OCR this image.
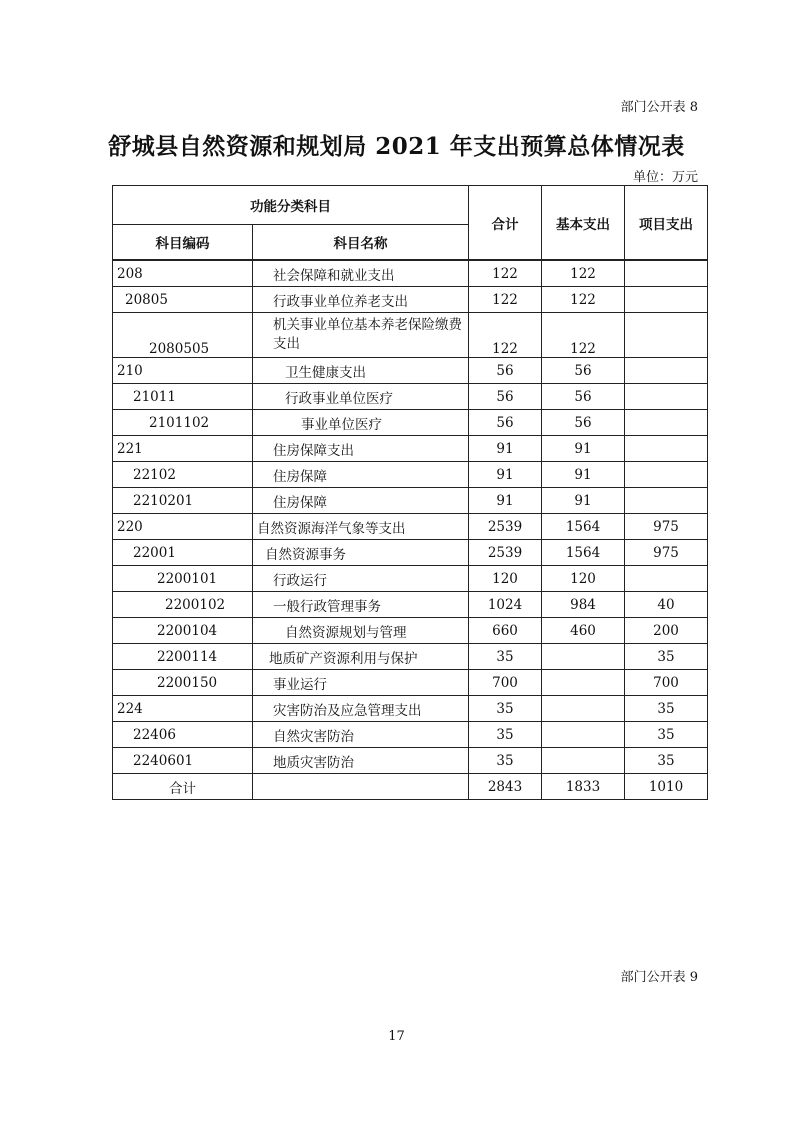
部门公开表 8
舒城县自然资源和规划局 2021 年支出预算总体情况表
单位：万元
功能分类科目		合计	基本支出	项目支出
科目编码	科目名称			
208	社会保障和就业支出	122	122	
20805	行政事业单位养老支出	122	122	
2080505	机关事业单位基本养老保险缴费支出	122	122	
210	卫生健康支出	56	56	
21011	行政事业单位医疗	56	56	
2101102	事业单位医疗	56	56	
221	住房保障支出	91	91	
22102	住房保障	91	91	
2210201	住房保障	91	91	
220	自然资源海洋气象等支出	2539	1564	975
22001	自然资源事务	2539	1564	975
2200101	行政运行	120	120	
2200102	一般行政管理事务	1024	984	40
2200104	自然资源规划与管理	660	460	200
2200114	地质矿产资源利用与保护	35		35
2200150	事业运行	700		700
224	灾害防治及应急管理支出	35		35
22406	自然灾害防治	35		35
2240601	地质灾害防治	35		35
合计		2843	1833	1010
部门公开表 9
17
